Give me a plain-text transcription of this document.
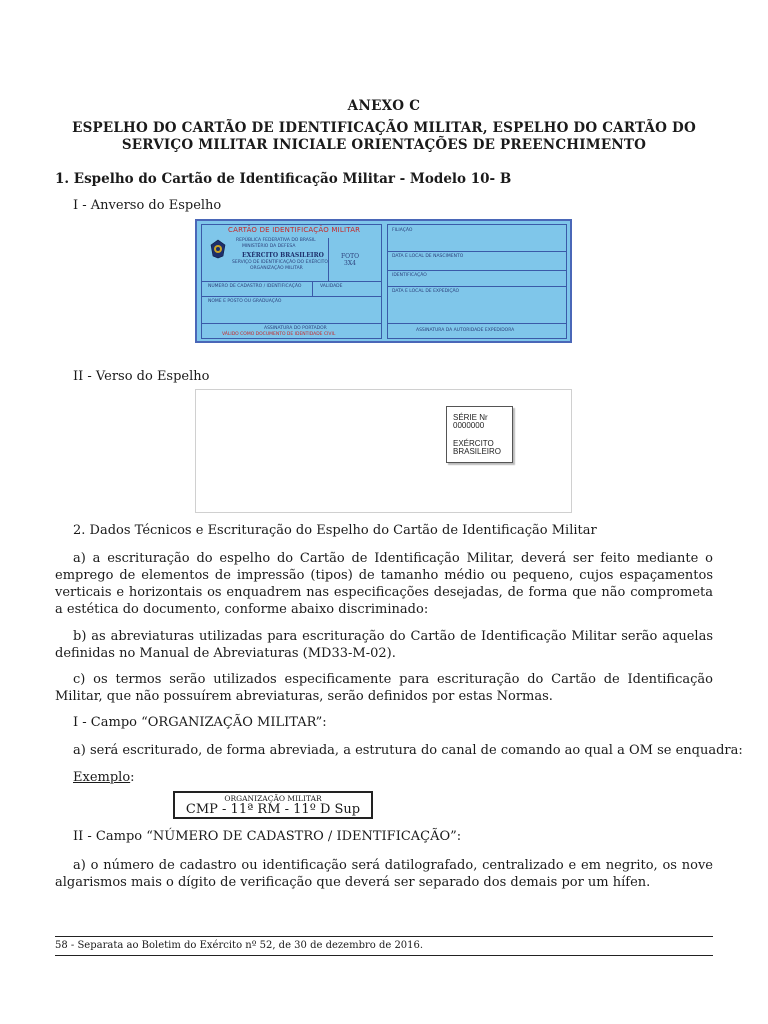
ANEXO C
ESPELHO DO CARTÃO DE IDENTIFICAÇÃO MILITAR, ESPELHO DO CARTÃO DO
SERVIÇO MILITAR INICIALE ORIENTAÇÕES DE PREENCHIMENTO
1. Espelho do Cartão de Identificação Militar - Modelo 10- B
I - Anverso do Espelho
CARTÃO DE IDENTIFICAÇÃO MILITAR
REPÚBLICA FEDERATIVA DO BRASIL
MINISTÉRIO DA DEFESA
EXÉRCITO BRASILEIRO
SERVIÇO DE IDENTIFICAÇÃO DO EXÉRCITO
ORGANIZAÇÃO MILITAR
FOTO
3X4
NÚMERO DE CADASTRO / IDENTIFICAÇÃO	VALIDADE
NOME E POSTO OU GRADUAÇÃO
ASSINATURA DO PORTADOR
VÁLIDO COMO DOCUMENTO DE IDENTIDADE CIVIL
FILIAÇÃO
DATA E LOCAL DE NASCIMENTO
IDENTIFICAÇÃO
DATA E LOCAL DE EXPEDIÇÃO
ASSINATURA DA AUTORIDADE EXPEDIDORA
II - Verso do Espelho
SÉRIE Nr
0000000
EXÉRCITO
BRASILEIRO
2. Dados Técnicos e Escrituração do Espelho do Cartão de Identificação Militar
a) a escrituração do espelho do Cartão de Identificação Militar, deverá ser feito mediante o emprego de elementos de impressão (tipos) de tamanho médio ou pequeno, cujos espaçamentos verticais e horizontais os enquadrem nas especificações desejadas, de forma que não comprometa a estética do documento, conforme abaixo discriminado:
b) as abreviaturas utilizadas para escrituração do Cartão de Identificação Militar serão aquelas definidas no Manual de Abreviaturas (MD33-M-02).
c) os termos serão utilizados especificamente para escrituração do Cartão de Identificação Militar, que não possuírem abreviaturas, serão definidos por estas Normas.
I - Campo “ORGANIZAÇÃO MILITAR”:
a) será escriturado, de forma abreviada, a estrutura do canal de comando ao qual a OM se enquadra:
Exemplo:
ORGANIZAÇÃO MILITAR
CMP - 11ª RM - 11º D Sup
II - Campo “NÚMERO DE CADASTRO / IDENTIFICAÇÃO”:
a) o número de cadastro ou identificação será datilografado, centralizado e em negrito, os nove algarismos mais o dígito de verificação que deverá ser separado dos demais por um hífen.
58 - Separata ao Boletim do Exército nº 52, de 30 de dezembro de 2016.
